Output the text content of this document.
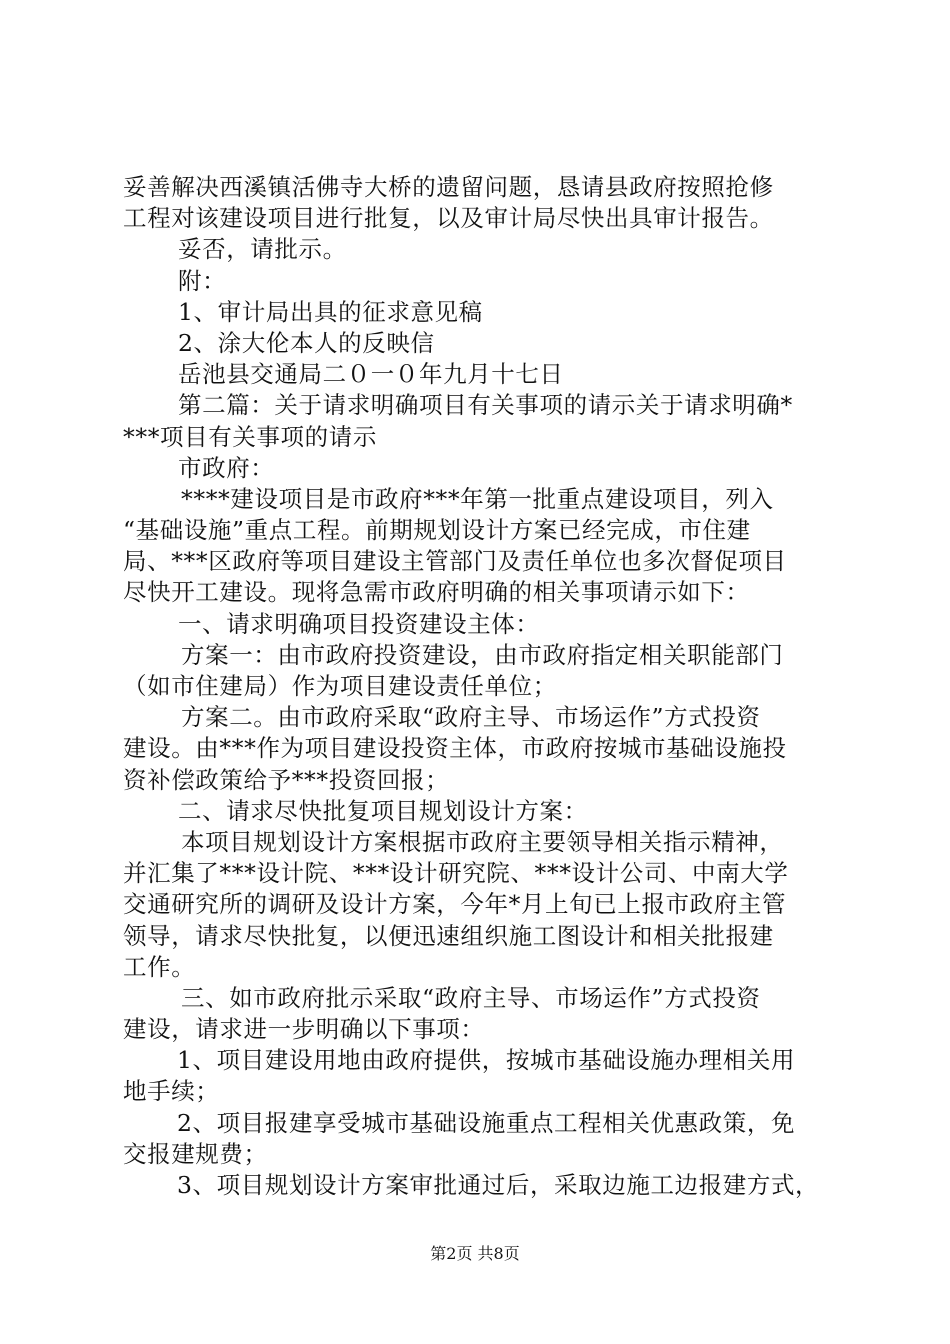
妥善解决西溪镇活佛寺大桥的遗留问题，恳请县政府按照抢修
工程对该建设项目进行批复，以及审计局尽快出具审计报告。
妥否，请批示。
附：
1、审计局出具的征求意见稿
2、涂大伦本人的反映信
岳池县交通局二０一０年九月十七日
第二篇：关于请求明确项目有关事项的请示关于请求明确*
***项目有关事项的请示
市政府：
****建设项目是市政府***年第一批重点建设项目，列入
“基础设施”重点工程。前期规划设计方案已经完成，市住建
局、***区政府等项目建设主管部门及责任单位也多次督促项目
尽快开工建设。现将急需市政府明确的相关事项请示如下：
一、请求明确项目投资建设主体：
方案一：由市政府投资建设，由市政府指定相关职能部门
（如市住建局）作为项目建设责任单位；
方案二。由市政府采取“政府主导、市场运作”方式投资
建设。由***作为项目建设投资主体，市政府按城市基础设施投
资补偿政策给予***投资回报；
二、请求尽快批复项目规划设计方案：
本项目规划设计方案根据市政府主要领导相关指示精神，
并汇集了***设计院、***设计研究院、***设计公司、中南大学
交通研究所的调研及设计方案，今年*月上旬已上报市政府主管
领导，请求尽快批复，以便迅速组织施工图设计和相关批报建
工作。
三、如市政府批示采取“政府主导、市场运作”方式投资
建设，请求进一步明确以下事项：
1、项目建设用地由政府提供，按城市基础设施办理相关用
地手续；
2、项目报建享受城市基础设施重点工程相关优惠政策，免
交报建规费；
3、项目规划设计方案审批通过后，采取边施工边报建方式，
第2页 共8页
